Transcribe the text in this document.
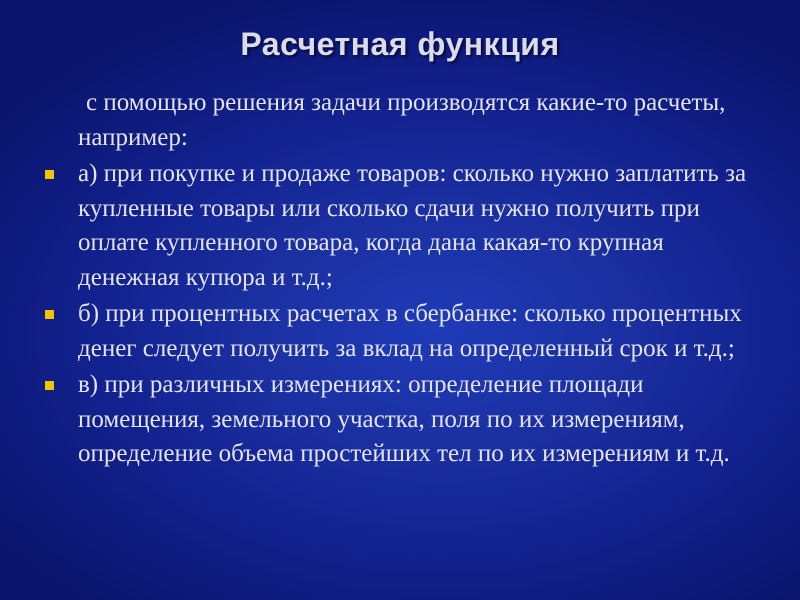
Расчетная функция

с помощью решения задачи производятся какие-то расчеты, например:

а) при покупке и продаже товаров: сколько нужно заплатить за купленные товары или сколько сдачи нужно получить при оплате купленного товара, когда дана какая-то крупная денежная купюра и т.д.;

б) при процентных расчетах в сбербанке: сколько процентных денег следует получить за вклад на определенный срок и т.д.;

в) при различных измерениях: определение площади помещения, земельного участка, поля по их измерениям, определение объема простейших тел по их измерениям и т.д.
